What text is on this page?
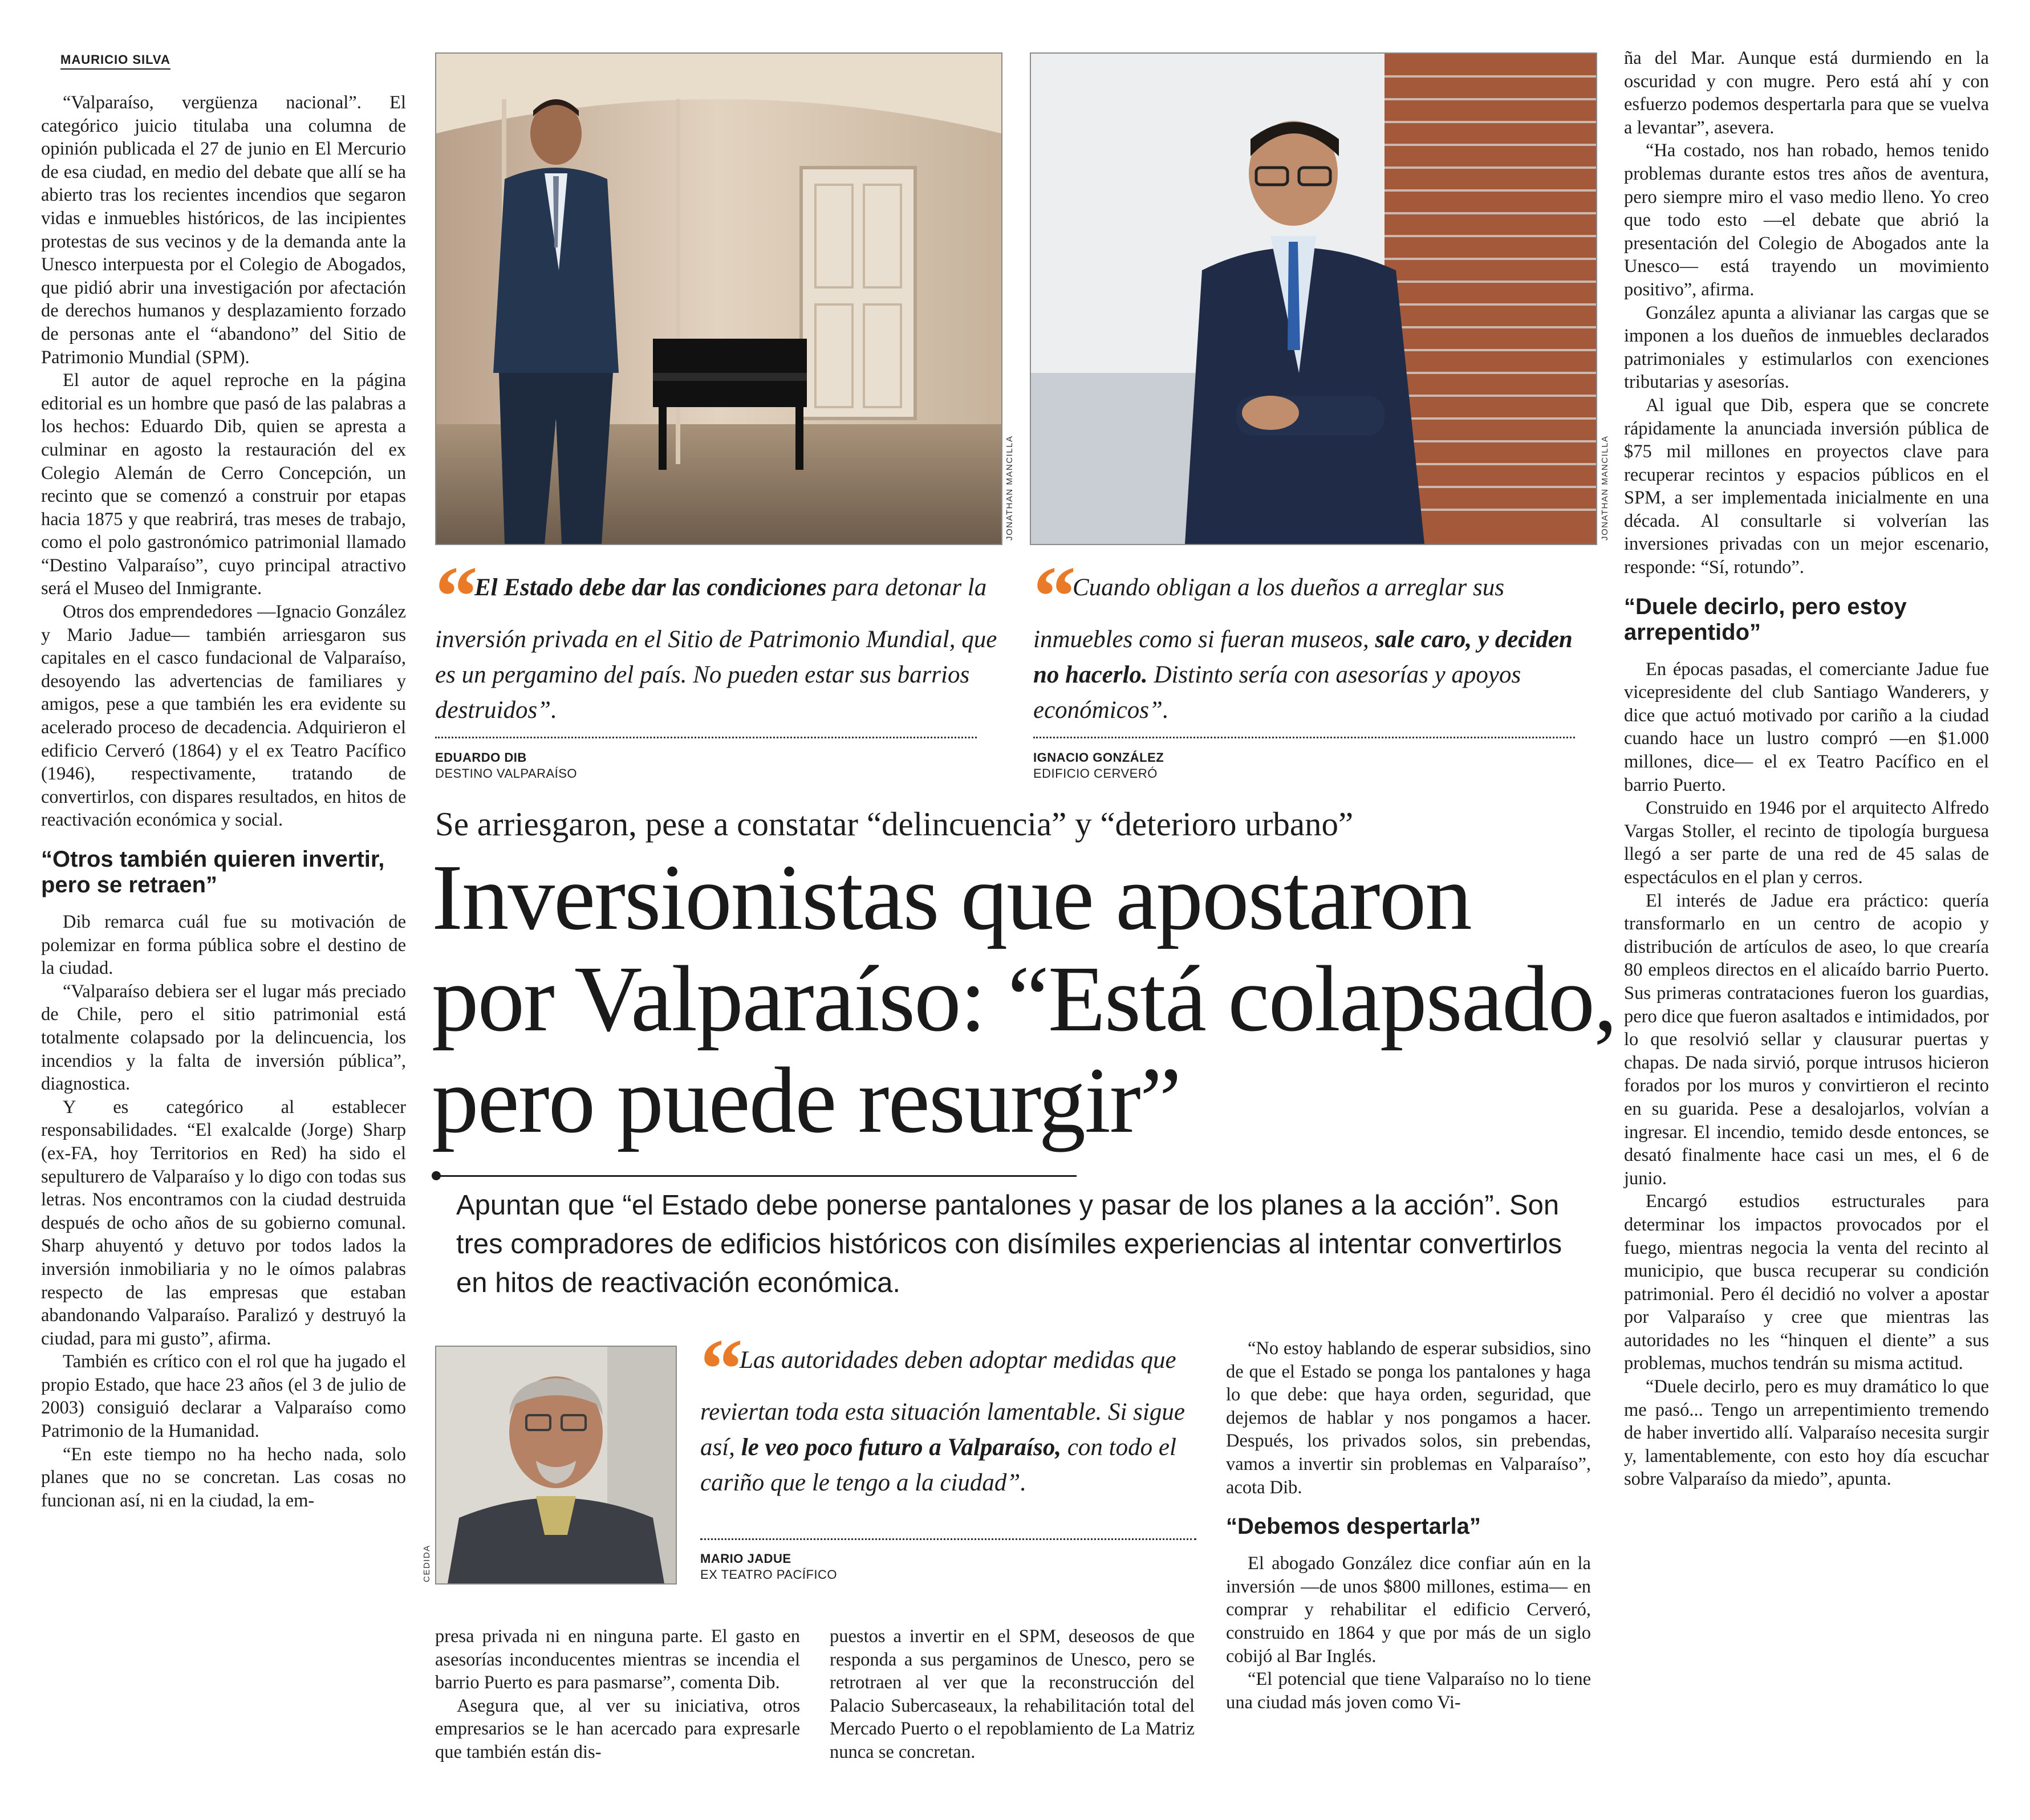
MAURICIO SILVA

“Valparaíso, vergüenza nacional”. El categórico juicio titulaba una columna de opinión publicada el 27 de junio en El Mercurio de esa ciudad, en medio del debate que allí se ha abierto tras los recientes incendios que segaron vidas e inmuebles históricos, de las incipientes protestas de sus vecinos y de la demanda ante la Unesco interpuesta por el Colegio de Abogados, que pidió abrir una investigación por afectación de derechos humanos y desplazamiento forzado de personas ante el “abandono” del Sitio de Patrimonio Mundial (SPM).

El autor de aquel reproche en la página editorial es un hombre que pasó de las palabras a los hechos: Eduardo Dib, quien se apresta a culminar en agosto la restauración del ex Colegio Alemán de Cerro Concepción, un recinto que se comenzó a construir por etapas hacia 1875 y que reabrirá, tras meses de trabajo, como el polo gastronómico patrimonial llamado “Destino Valparaíso”, cuyo principal atractivo será el Museo del Inmigrante.

Otros dos emprendedores —Ignacio González y Mario Jadue— también arriesgaron sus capitales en el casco fundacional de Valparaíso, desoyendo las advertencias de familiares y amigos, pese a que también les era evidente su acelerado proceso de decadencia. Adquirieron el edificio Cerveró (1864) y el ex Teatro Pacífico (1946), respectivamente, tratando de convertirlos, con dispares resultados, en hitos de reactivación económica y social.

“Otros también quieren invertir, pero se retraen”

Dib remarca cuál fue su motivación de polemizar en forma pública sobre el destino de la ciudad.

“Valparaíso debiera ser el lugar más preciado de Chile, pero el sitio patrimonial está totalmente colapsado por la delincuencia, los incendios y la falta de inversión pública”, diagnostica.

Y es categórico al establecer responsabilidades. “El exalcalde (Jorge) Sharp (ex-FA, hoy Territorios en Red) ha sido el sepulturero de Valparaíso y lo digo con todas sus letras. Nos encontramos con la ciudad destruida después de ocho años de su gobierno comunal. Sharp ahuyentó y detuvo por todos lados la inversión inmobiliaria y no le oímos palabras respecto de las empresas que estaban abandonando Valparaíso. Paralizó y destruyó la ciudad, para mi gusto”, afirma.

También es crítico con el rol que ha jugado el propio Estado, que hace 23 años (el 3 de julio de 2003) consiguió declarar a Valparaíso como Patrimonio de la Humanidad.

“En este tiempo no ha hecho nada, solo planes que no se concretan. Las cosas no funcionan así, ni en la ciudad, la em-

JONATHAN MANCILLA	JONATHAN MANCILLA
“ El Estado debe dar las condiciones para detonar la inversión privada en el Sitio de Patrimonio Mundial, que es un pergamino del país. No pueden estar sus barrios destruidos”.
EDUARDO DIB
DESTINO VALPARAÍSO
“ Cuando obligan a los dueños a arreglar sus inmuebles como si fueran museos, sale caro, y deciden no hacerlo. Distinto sería con asesorías y apoyos económicos”.
IGNACIO GONZÁLEZ
EDIFICIO CERVERÓ
Se arriesgaron, pese a constatar “delincuencia” y “deterioro urbano”
Inversionistas que apostaron
por Valparaíso: “Está colapsado,
pero puede resurgir”
Apuntan que “el Estado debe ponerse pantalones y pasar de los planes a la acción”. Son tres compradores de edificios históricos con disímiles experiencias al intentar convertirlos en hitos de reactivación económica.
CEDIDA
“ Las autoridades deben adoptar medidas que reviertan toda esta situación lamentable. Si sigue así, le veo poco futuro a Valparaíso, con todo el cariño que le tengo a la ciudad”.
MARIO JADUE
EX TEATRO PACÍFICO

presa privada ni en ninguna parte. El gasto en asesorías inconducentes mientras se incendia el barrio Puerto es para pasmarse”, comenta Dib.

Asegura que, al ver su iniciativa, otros empresarios se le han acercado para expresarle que también están dis-

puestos a invertir en el SPM, deseosos de que responda a sus pergaminos de Unesco, pero se retrotraen al ver que la reconstrucción del Palacio Subercaseaux, la rehabilitación total del Mercado Puerto o el repoblamiento de La Matriz nunca se concretan.

“No estoy hablando de esperar subsidios, sino de que el Estado se ponga los pantalones y haga lo que debe: que haya orden, seguridad, que dejemos de hablar y nos pongamos a hacer. Después, los privados solos, sin prebendas, vamos a invertir sin problemas en Valparaíso”, acota Dib.

“Debemos despertarla”

El abogado González dice confiar aún en la inversión —de unos $800 millones, estima— en comprar y rehabilitar el edificio Cerveró, construido en 1864 y que por más de un siglo cobijó al Bar Inglés.

“El potencial que tiene Valparaíso no lo tiene una ciudad más joven como Vi-

ña del Mar. Aunque está durmiendo en la oscuridad y con mugre. Pero está ahí y con esfuerzo podemos despertarla para que se vuelva a levantar”, asevera.

“Ha costado, nos han robado, hemos tenido problemas durante estos tres años de aventura, pero siempre miro el vaso medio lleno. Yo creo que todo esto —el debate que abrió la presentación del Colegio de Abogados ante la Unesco— está trayendo un movimiento positivo”, afirma.

González apunta a alivianar las cargas que se imponen a los dueños de inmuebles declarados patrimoniales y estimularlos con exenciones tributarias y asesorías.

Al igual que Dib, espera que se concrete rápidamente la anunciada inversión pública de $75 mil millones en proyectos clave para recuperar recintos y espacios públicos en el SPM, a ser implementada inicialmente en una década. Al consultarle si volverían las inversiones privadas con un mejor escenario, responde: “Sí, rotundo”.

“Duele decirlo, pero estoy arrepentido”

En épocas pasadas, el comerciante Jadue fue vicepresidente del club Santiago Wanderers, y dice que actuó motivado por cariño a la ciudad cuando hace un lustro compró —en $1.000 millones, dice— el ex Teatro Pacífico en el barrio Puerto.

Construido en 1946 por el arquitecto Alfredo Vargas Stoller, el recinto de tipología burguesa llegó a ser parte de una red de 45 salas de espectáculos en el plan y cerros.

El interés de Jadue era práctico: quería transformarlo en un centro de acopio y distribución de artículos de aseo, lo que crearía 80 empleos directos en el alicaído barrio Puerto. Sus primeras contrataciones fueron los guardias, pero dice que fueron asaltados e intimidados, por lo que resolvió sellar y clausurar puertas y chapas. De nada sirvió, porque intrusos hicieron forados por los muros y convirtieron el recinto en su guarida. Pese a desalojarlos, volvían a ingresar. El incendio, temido desde entonces, se desató finalmente hace casi un mes, el 6 de junio.

Encargó estudios estructurales para determinar los impactos provocados por el fuego, mientras negocia la venta del recinto al municipio, que busca recuperar su condición patrimonial. Pero él decidió no volver a apostar por Valparaíso y cree que mientras las autoridades no les “hinquen el diente” a sus problemas, muchos tendrán su misma actitud.

“Duele decirlo, pero es muy dramático lo que me pasó... Tengo un arrepentimiento tremendo de haber invertido allí. Valparaíso necesita surgir y, lamentablemente, con esto hoy día escuchar sobre Valparaíso da miedo”, apunta.
